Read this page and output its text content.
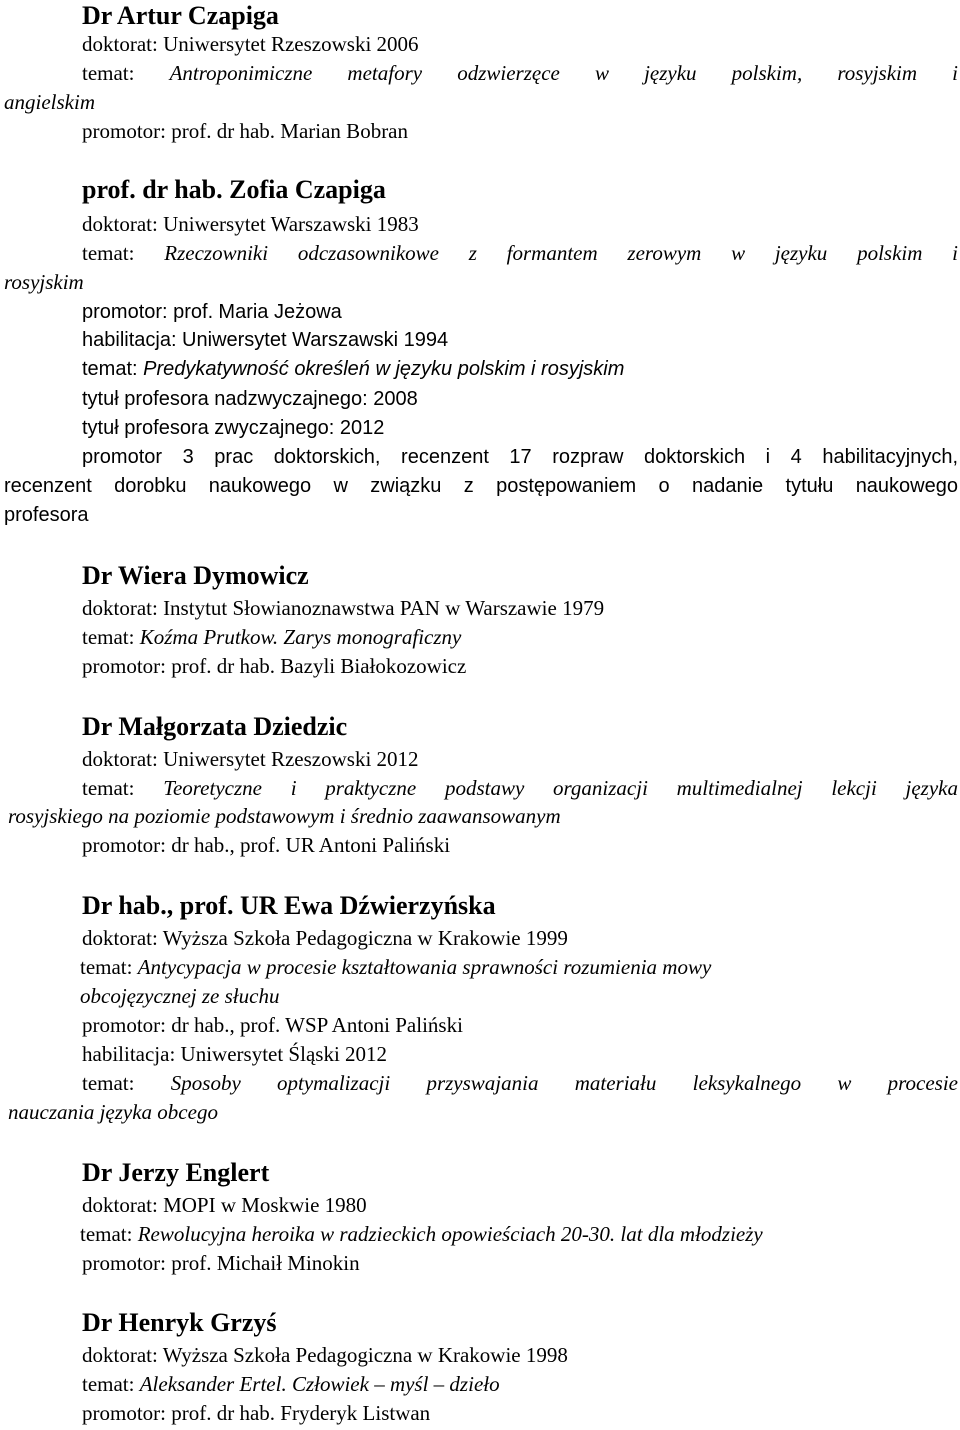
Dr Artur Czapiga
doktorat: Uniwersytet Rzeszowski 2006
temat: Antroponimiczne metafory odzwierzęce w języku polskim, rosyjskim i
angielskim
promotor: prof. dr hab. Marian Bobran
prof. dr hab. Zofia Czapiga
doktorat: Uniwersytet Warszawski 1983
temat: Rzeczowniki odczasownikowe z formantem zerowym w języku polskim i
rosyjskim
promotor: prof. Maria Jeżowa
habilitacja: Uniwersytet Warszawski 1994
temat: Predykatywność określeń w języku polskim i rosyjskim
tytuł profesora nadzwyczajnego: 2008
tytuł profesora zwyczajnego: 2012
promotor 3 prac doktorskich, recenzent 17 rozpraw doktorskich i 4 habilitacyjnych,
recenzent dorobku naukowego w związku z postępowaniem o nadanie tytułu naukowego
profesora
Dr Wiera Dymowicz
doktorat: Instytut Słowianoznawstwa PAN w Warszawie 1979
temat: Koźma Prutkow. Zarys monograficzny
promotor: prof. dr hab. Bazyli Białokozowicz
Dr Małgorzata Dziedzic
doktorat: Uniwersytet Rzeszowski 2012
temat: Teoretyczne i praktyczne podstawy organizacji multimedialnej lekcji języka
rosyjskiego na poziomie podstawowym i średnio zaawansowanym
promotor: dr hab., prof. UR Antoni Paliński
Dr hab., prof. UR Ewa Dźwierzyńska
doktorat: Wyższa Szkoła Pedagogiczna w Krakowie 1999
temat: Antycypacja w procesie kształtowania sprawności rozumienia mowy
obcojęzycznej ze słuchu
promotor: dr hab., prof. WSP Antoni Paliński
habilitacja: Uniwersytet Śląski 2012
temat: Sposoby optymalizacji przyswajania materiału leksykalnego w procesie
nauczania języka obcego
Dr Jerzy Englert
doktorat: MOPI w Moskwie 1980
temat: Rewolucyjna heroika w radzieckich opowieściach 20-30. lat dla młodzieży
promotor: prof. Michaił Minokin
Dr Henryk Grzyś
doktorat: Wyższa Szkoła Pedagogiczna w Krakowie 1998
temat: Aleksander Ertel. Człowiek – myśl – dzieło
promotor: prof. dr hab. Fryderyk Listwan
